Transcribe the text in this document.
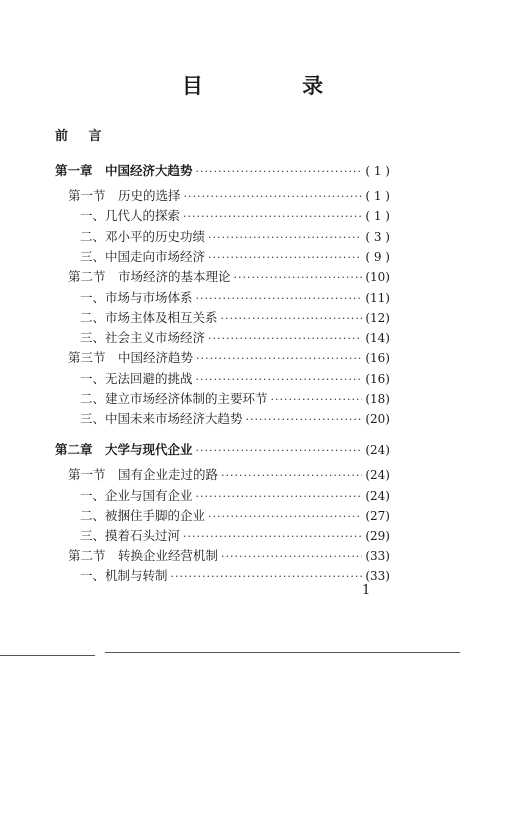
目 录
前 言
第一章　中国经济大趋势 ·····	( 1 )
第一节　历史的选择 ·····	( 1 )
一、几代人的探索 ·····	( 1 )
二、邓小平的历史功绩 ·····	( 3 )
三、中国走向市场经济 ·····	( 9 )
第二节　市场经济的基本理论 ·····	(10)
一、市场与市场体系 ·····	(11)
二、市场主体及相互关系 ·····	(12)
三、社会主义市场经济 ·····	(14)
第三节　中国经济趋势 ·····	(16)
一、无法回避的挑战 ·····	(16)
二、建立市场经济体制的主要环节 ·····	(18)
三、中国未来市场经济大趋势 ·····	(20)
第二章　大学与现代企业 ·····	(24)
第一节　国有企业走过的路 ·····	(24)
一、企业与国有企业 ·····	(24)
二、被捆住手脚的企业 ·····	(27)
三、摸着石头过河 ·····	(29)
第二节　转换企业经营机制 ·····	(33)
一、机制与转制 ·····	(33)
1
